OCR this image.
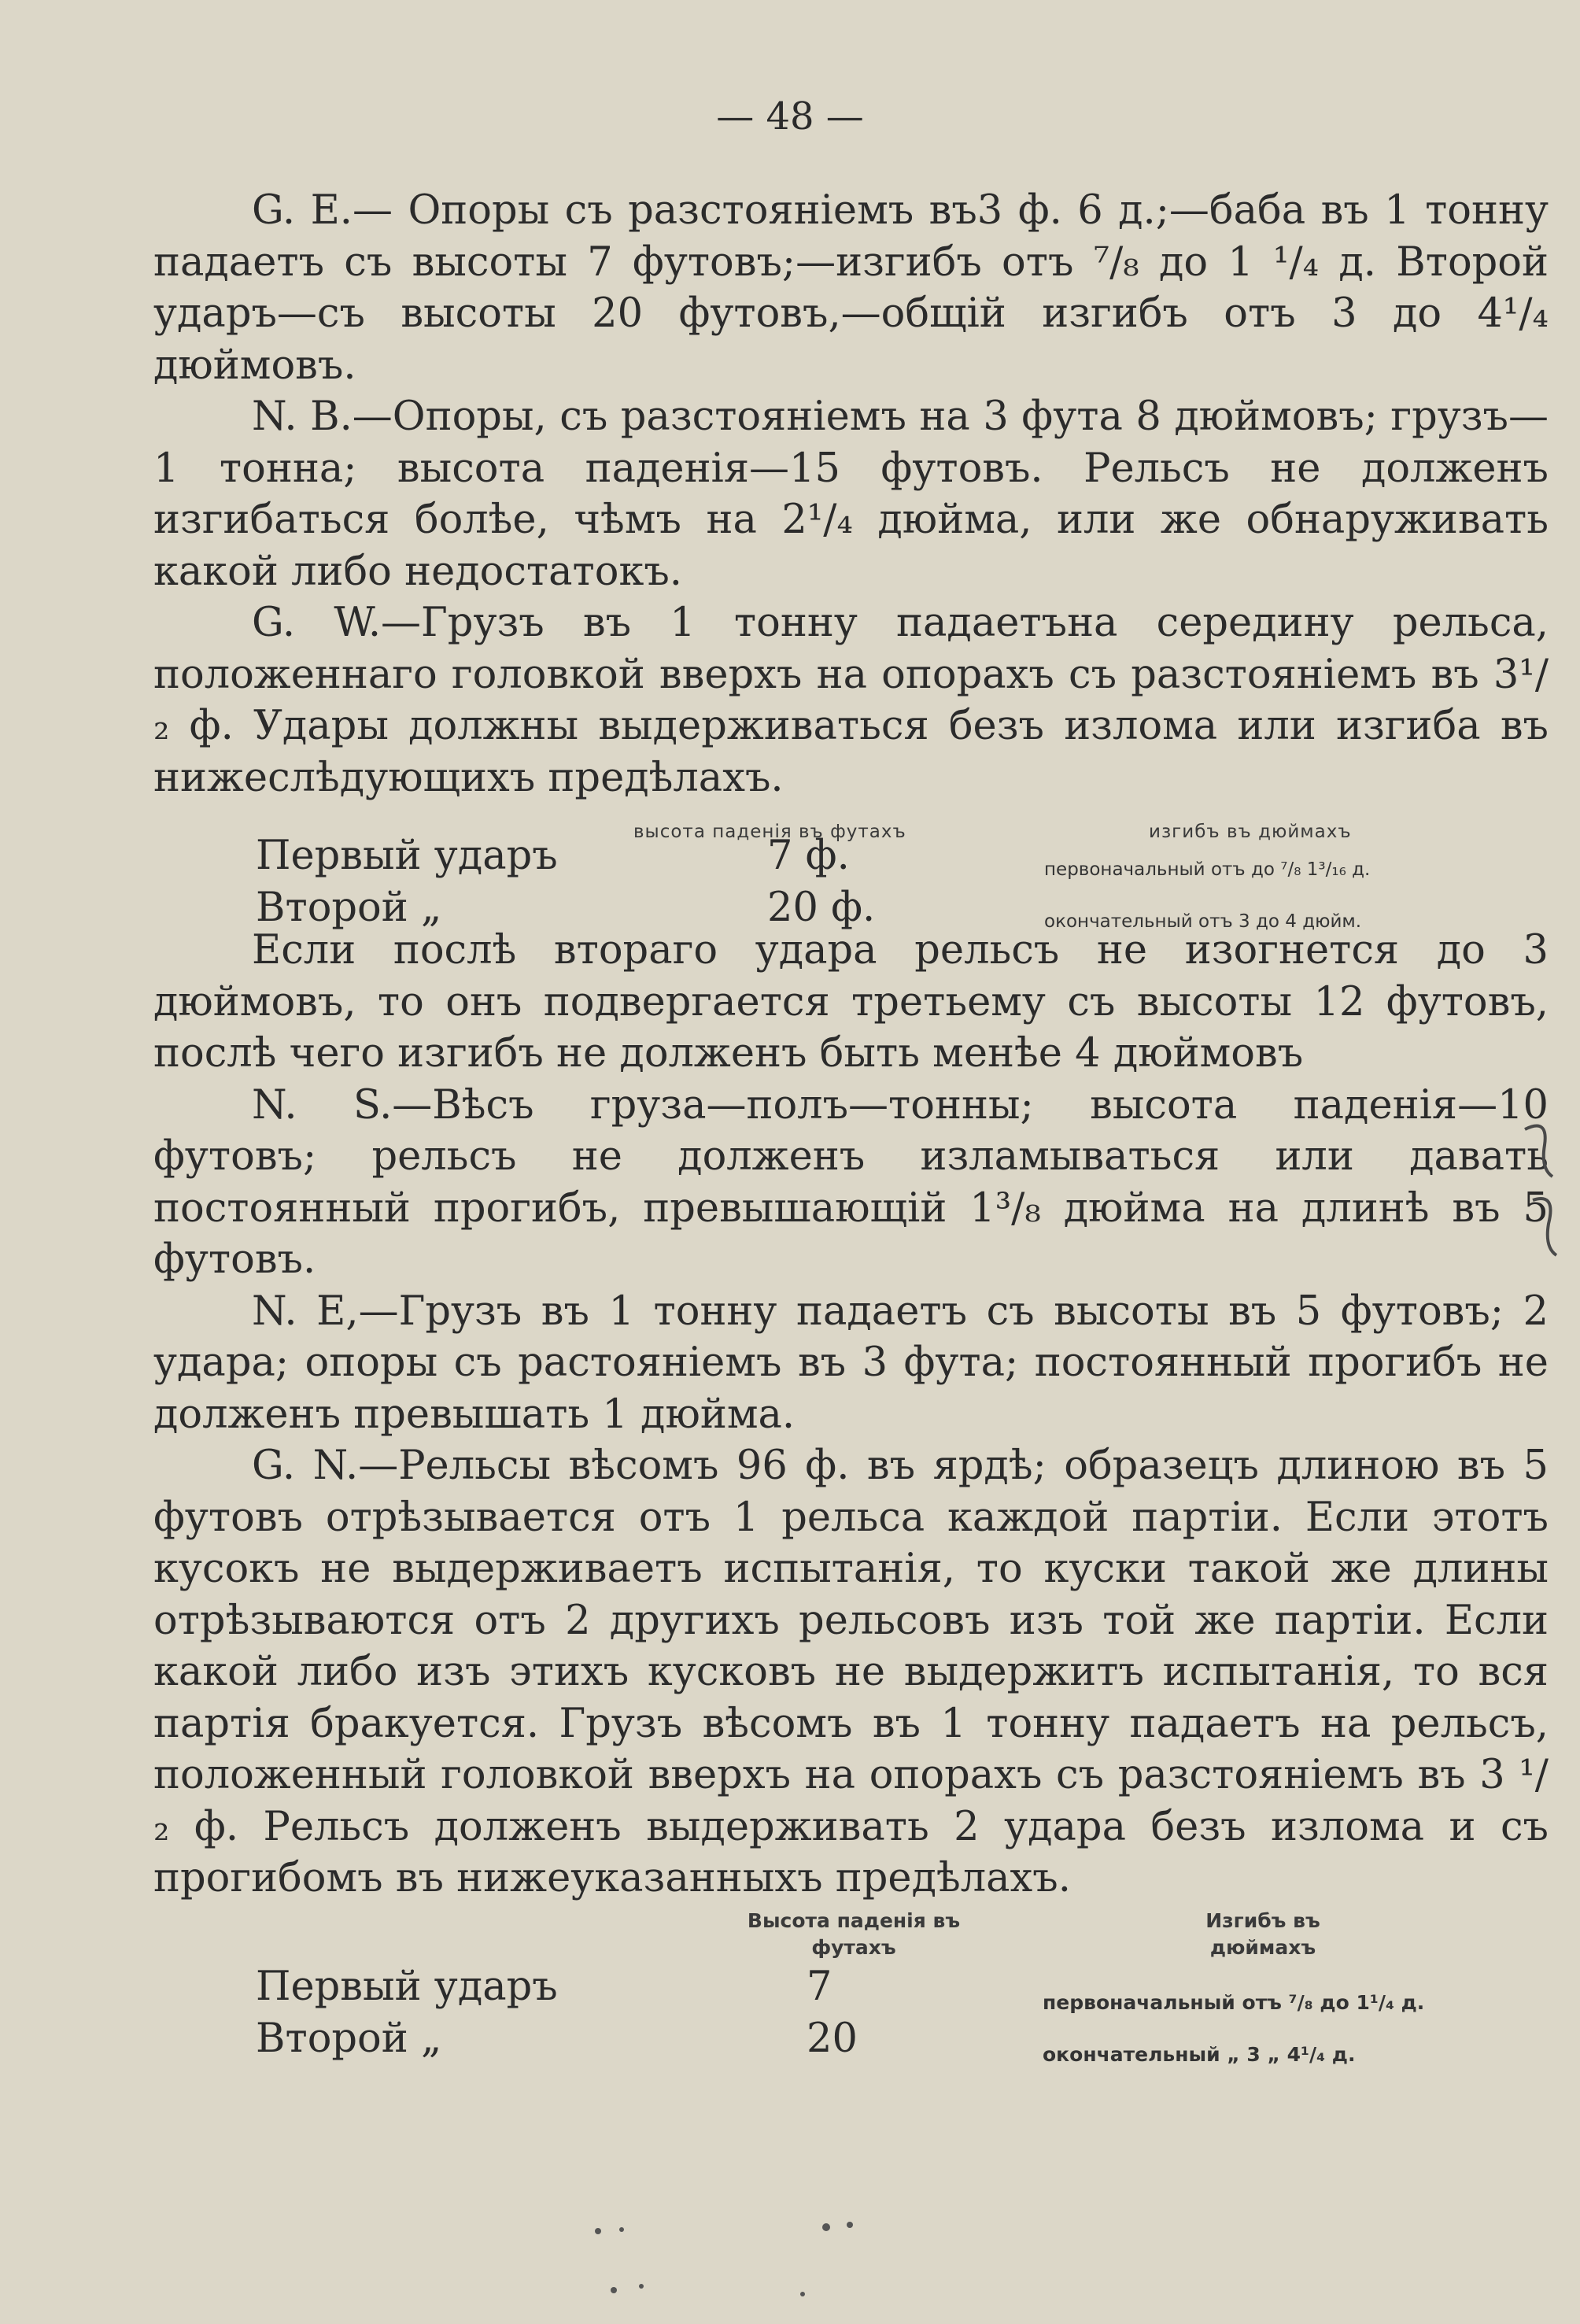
— 48 —

G. E.— Опоры съ разстояніемъ въ3 ф. 6 д.;—баба въ 1 тонну падаетъ съ высоты 7 футовъ;—изгибъ отъ ⁷/₈ до 1 ¹/₄ д. Второй ударъ—съ высоты 20 футовъ,—общій изгибъ отъ 3 до 4¹/₄ дюймовъ.

N. B.—Опоры, съ разстояніемъ на 3 фута 8 дюймовъ; грузъ—1 тонна; высота паденія—15 футовъ. Рельсъ не долженъ изгибаться болѣе, чѣмъ на 2¹/₄ дюйма, или же обнаруживать какой либо недостатокъ.

G. W.—Грузъ въ 1 тонну падаетъна середину рельса, положеннаго головкой вверхъ на опорахъ съ разстояніемъ въ 3¹/₂ ф. Удары должны выдерживаться безъ излома или изгиба въ нижеслѣдующихъ предѣлахъ.

высота паденія въ футахъ	изгибъ въ дюймахъ
Первый ударъ	7 ф.	первоначальный отъ до ⁷/₈ 1³/₁₆ д.
Второй „	20 ф.	окончательный отъ 3 до 4 дюйм.

Если послѣ втораго удара рельсъ не изогнется до 3 дюймовъ, то онъ подвергается третьему съ высоты 12 футовъ, послѣ чего изгибъ не долженъ быть менѣе 4 дюймовъ

N. S.—Вѣсъ груза—полъ—тонны; высота паденія—10 футовъ; рельсъ не долженъ изламываться или давать постоянный прогибъ, превышающій 1³/₈ дюйма на длинѣ въ 5 футовъ.

N. E,—Грузъ въ 1 тонну падаетъ съ высоты въ 5 футовъ; 2 удара; опоры съ растояніемъ въ 3 фута; постоянный прогибъ не долженъ превышать 1 дюйма.

G. N.—Рельсы вѣсомъ 96 ф. въ ярдѣ; образецъ длиною въ 5 футовъ отрѣзывается отъ 1 рельса каждой партіи. Если этотъ кусокъ не выдерживаетъ испытанія, то куски такой же длины отрѣзываются отъ 2 другихъ рельсовъ изъ той же партіи. Если какой либо изъ этихъ кусковъ не выдержитъ испытанія, то вся партія бракуется. Грузъ вѣсомъ въ 1 тонну падаетъ на рельсъ, положенный головкой вверхъ на опорахъ съ разстояніемъ въ 3 ¹/₂ ф. Рельсъ долженъ выдерживать 2 удара безъ излома и съ прогибомъ въ нижеуказанныхъ предѣлахъ.

Высота паденія въ футахъ
Изгибъ въ дюймахъ
Первый ударъ	7	первоначальный отъ ⁷/₈ до 1¹/₄ д.
Второй „	20	окончательный „ 3 „ 4¹/₄ д.
